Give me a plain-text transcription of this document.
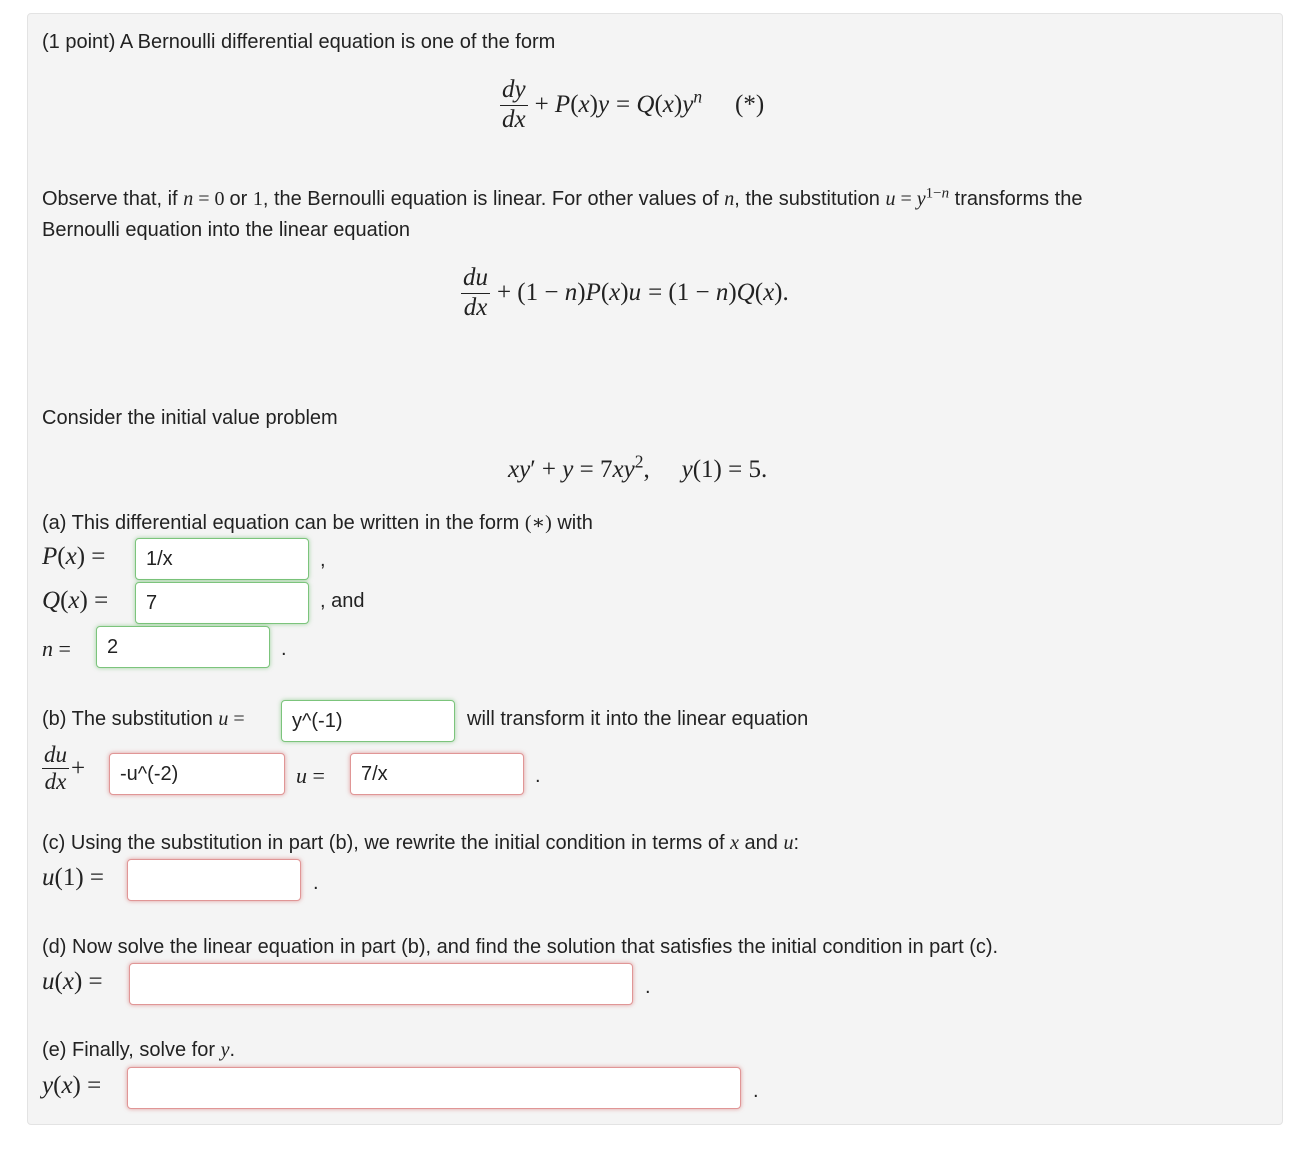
(1 point) A Bernoulli differential equation is one of the form
$\frac{dy}{dx} + P(x)y = Q(x)y^n$ (*)
Observe that, if n = 0 or 1, the Bernoulli equation is linear. For other values of n, the substitution $u = y^{1-n}$ transforms the
Bernoulli equation into the linear equation
$\frac{du}{dx} + (1 - n)P(x)u = (1 - n)Q(x)$.
Consider the initial value problem
$xy' + y = 7xy^2$, y(1) = 5.
(a) This differential equation can be written in the form (∗) with
P(x) =	1/x	,
Q(x) =	7	, and
n =	2	.
(b) The substitution u =	y^(-1)	will transform it into the linear equation
$\frac{du}{dx}$ +	-u^(-2)	u =	7/x	.
(c) Using the substitution in part (b), we rewrite the initial condition in terms of x and u:
u(1) =	.
(d) Now solve the linear equation in part (b), and find the solution that satisfies the initial condition in part (c).
u(x) =	.
(e) Finally, solve for y.
y(x) =	.
